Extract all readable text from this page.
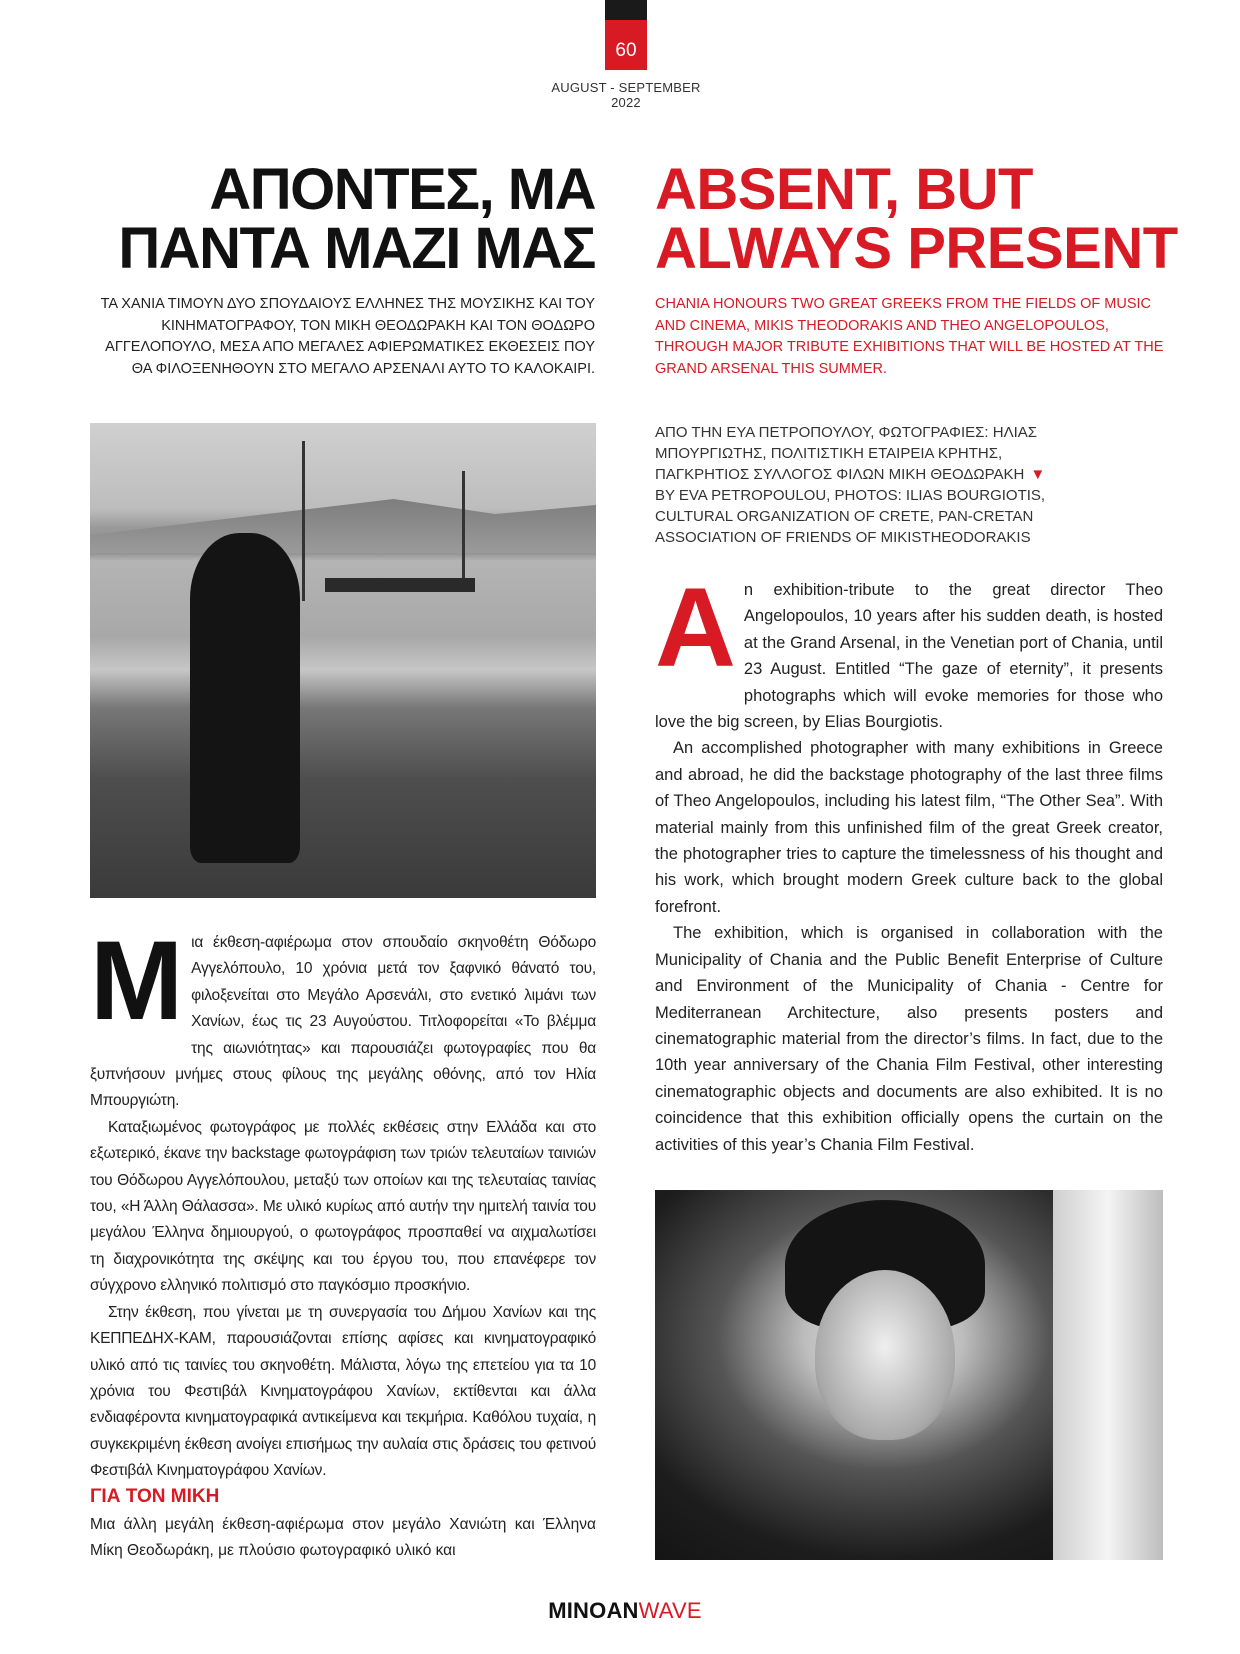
60
AUGUST - SEPTEMBER 2022
ΑΠΟΝΤΕΣ, ΜΑ
ΠΑΝΤΑ ΜΑΖΙ ΜΑΣ
ABSENT, BUT
ALWAYS PRESENT
ΤΑ ΧΑΝΙΑ ΤΙΜΟΥΝ ΔΥΟ ΣΠΟΥΔΑΙΟΥΣ ΕΛΛΗΝΕΣ ΤΗΣ ΜΟΥΣΙΚΗΣ ΚΑΙ ΤΟΥ ΚΙΝΗΜΑΤΟΓΡΑΦΟΥ, ΤΟΝ ΜΙΚΗ ΘΕΟΔΩΡΑΚΗ ΚΑΙ ΤΟΝ ΘΟΔΩΡΟ ΑΓΓΕΛΟΠΟΥΛΟ, ΜΕΣΑ ΑΠΟ ΜΕΓΑΛΕΣ ΑΦΙΕΡΩΜΑΤΙΚΕΣ ΕΚΘΕΣΕΙΣ ΠΟΥ ΘΑ ΦΙΛΟΞΕΝΗΘΟΥΝ ΣΤΟ ΜΕΓΑΛΟ ΑΡΣΕΝΑΛΙ ΑΥΤΟ ΤΟ ΚΑΛΟΚΑΙΡΙ.
CHANIA HONOURS TWO GREAT GREEKS FROM THE FIELDS OF MUSIC AND CINEMA, MIKIS THEODORAKIS AND THEO ANGELOPOULOS, THROUGH MAJOR TRIBUTE EXHIBITIONS THAT WILL BE HOSTED AT THE GRAND ARSENAL THIS SUMMER.
ΑΠΟ ΤΗΝ ΕΥΑ ΠΕΤΡΟΠΟΥΛΟΥ, ΦΩΤΟΓΡΑΦΙΕΣ: ΗΛΙΑΣ
ΜΠΟΥΡΓΙΩΤΗΣ, ΠΟΛΙΤΙΣΤΙΚΗ ΕΤΑΙΡΕΙΑ ΚΡΗΤΗΣ,
ΠΑΓΚΡΗΤΙΟΣ ΣΥΛΛΟΓΟΣ ΦΙΛΩΝ ΜΙΚΗ ΘΕΟΔΩΡΑΚΗ ▼
BY EVA PETROPOULOU, PHOTOS: ILIAS BOURGIOTIS,
CULTURAL ORGANIZATION OF CRETE, PAN-CRETAN
ASSOCIATION OF FRIENDS OF MIKISTHEODORAKIS

Μια έκθεση-αφιέρωμα στον σπουδαίο σκηνοθέτη Θόδωρο Αγγελόπουλο, 10 χρόνια μετά τον ξαφνικό θάνατό του, φιλοξενείται στο Μεγάλο Αρσενάλι, στο ενετικό λιμάνι των Χανίων, έως τις 23 Αυγούστου. Τιτλοφορείται «Το βλέμμα της αιωνιότητας» και παρουσιάζει φωτογραφίες που θα ξυπνήσουν μνήμες στους φίλους της μεγάλης οθόνης, από τον Ηλία Μπουργιώτη.

Καταξιωμένος φωτογράφος με πολλές εκθέσεις στην Ελλάδα και στο εξωτερικό, έκανε την backstage φωτογράφιση των τριών τελευταίων ταινιών του Θόδωρου Αγγελόπουλου, μεταξύ των οποίων και της τελευταίας ταινίας του, «Η Άλλη Θάλασσα». Με υλικό κυρίως από αυτήν την ημιτελή ταινία του μεγάλου Έλληνα δημιουργού, ο φωτογράφος προσπαθεί να αιχμαλωτίσει τη διαχρονικότητα της σκέψης και του έργου του, που επανέφερε τον σύγχρονο ελληνικό πολιτισμό στο παγκόσμιο προσκήνιο.

Στην έκθεση, που γίνεται με τη συνεργασία του Δήμου Χανίων και της ΚΕΠΠΕΔΗΧ-ΚΑΜ, παρουσιάζονται επίσης αφίσες και κινηματογραφικό υλικό από τις ταινίες του σκηνοθέτη. Μάλιστα, λόγω της επετείου για τα 10 χρόνια του Φεστιβάλ Κινηματογράφου Χανίων, εκτίθενται και άλλα ενδιαφέροντα κινηματογραφικά αντικείμενα και τεκμήρια. Καθόλου τυχαία, η συγκεκριμένη έκθεση ανοίγει επισήμως την αυλαία στις δράσεις του φετινού Φεστιβάλ Κινηματογράφου Χανίων.

ΓΙΑ ΤΟΝ ΜΙΚΗ
Μια άλλη μεγάλη έκθεση-αφιέρωμα στον μεγάλο Χανιώτη και Έλληνα Μίκη Θεοδωράκη, με πλούσιο φωτογραφικό υλικό και

An exhibition-tribute to the great director Theo Angelopoulos, 10 years after his sudden death, is hosted at the Grand Arsenal, in the Venetian port of Chania, until 23 August. Entitled “The gaze of eternity”, it presents photographs which will evoke memories for those who love the big screen, by Elias Bourgiotis.

An accomplished photographer with many exhibitions in Greece and abroad, he did the backstage photography of the last three films of Theo Angelopoulos, including his latest film, “The Other Sea”. With material mainly from this unfinished film of the great Greek creator, the photographer tries to capture the timelessness of his thought and his work, which brought modern Greek culture back to the global forefront.

The exhibition, which is organised in collaboration with the Municipality of Chania and the Public Benefit Enterprise of Culture and Environment of the Municipality of Chania - Centre for Mediterranean Architecture, also presents posters and cinematographic material from the director’s films. In fact, due to the 10th year anniversary of the Chania Film Festival, other interesting cinematographic objects and documents are also exhibited. It is no coincidence that this exhibition officially opens the curtain on the activities of this year’s Chania Film Festival.

MINOANWAVE
